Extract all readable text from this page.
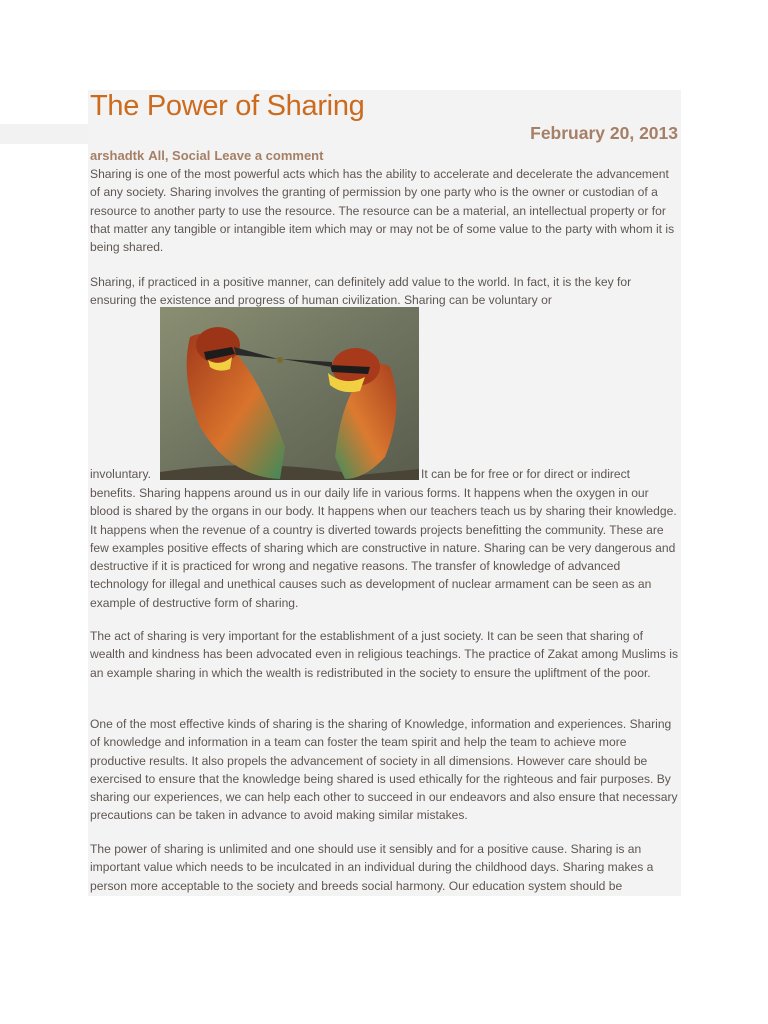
The Power of Sharing
February 20, 2013
arshadtk All, Social Leave a comment

Sharing is one of the most powerful acts which has the ability to accelerate and decelerate the advancement of any society. Sharing involves the granting of permission by one party who is the owner or custodian of a resource to another party to use the resource. The resource can be a material, an intellectual property or for that matter any tangible or intangible item which may or may not be of some value to the party with whom it is being shared.

Sharing, if practiced in a positive manner, can definitely add value to the world. In fact, it is the key for ensuring the existence and progress of human civilization. Sharing can be voluntary or

involuntary.	It can be for free or for direct or indirect

benefits. Sharing happens around us in our daily life in various forms. It happens when the oxygen in our blood is shared by the organs in our body. It happens when our teachers teach us by sharing their knowledge. It happens when the revenue of a country is diverted towards projects benefitting the community. These are few examples positive effects of sharing which are constructive in nature. Sharing can be very dangerous and destructive if it is practiced for wrong and negative reasons. The transfer of knowledge of advanced technology for illegal and unethical causes such as development of nuclear armament can be seen as an example of destructive form of sharing.

The act of sharing is very important for the establishment of a just society. It can be seen that sharing of wealth and kindness has been advocated even in religious teachings. The practice of Zakat among Muslims is an example sharing in which the wealth is redistributed in the society to ensure the upliftment of the poor.

One of the most effective kinds of sharing is the sharing of Knowledge, information and experiences. Sharing of knowledge and information in a team can foster the team spirit and help the team to achieve more productive results. It also propels the advancement of society in all dimensions. However care should be exercised to ensure that the knowledge being shared is used ethically for the righteous and fair purposes. By sharing our experiences, we can help each other to succeed in our endeavors and also ensure that necessary precautions can be taken in advance to avoid making similar mistakes.

The power of sharing is unlimited and one should use it sensibly and for a positive cause. Sharing is an important value which needs to be inculcated in an individual during the childhood days. Sharing makes a person more acceptable to the society and breeds social harmony. Our education system should be
